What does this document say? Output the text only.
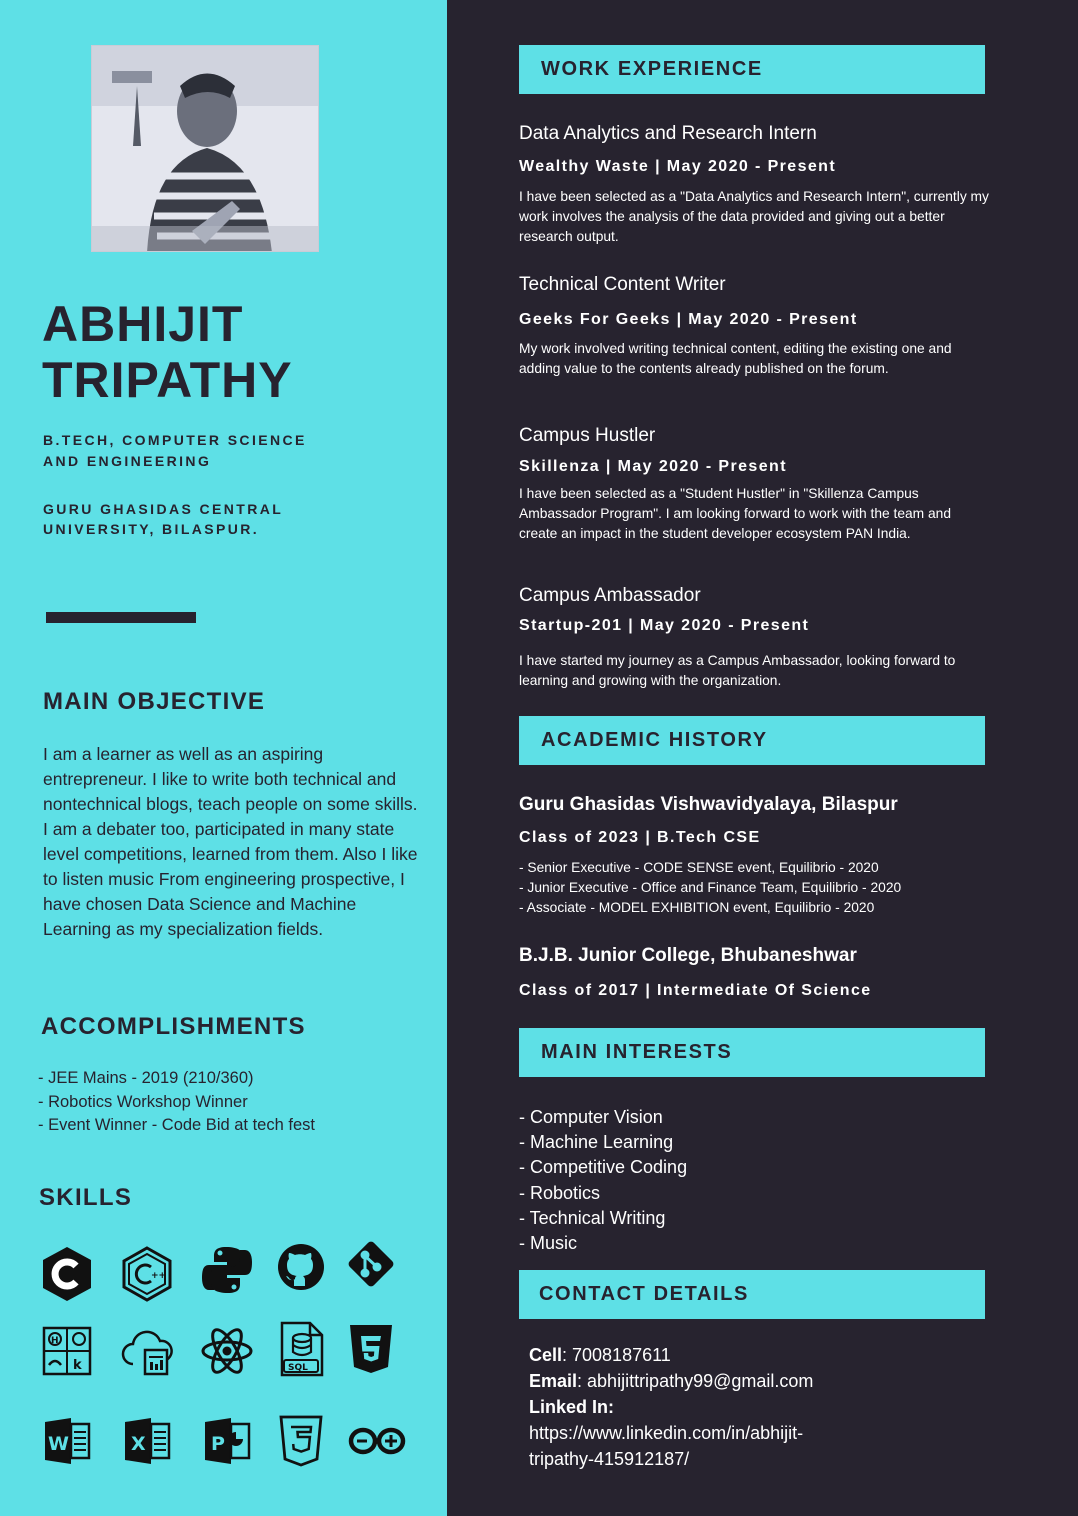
ABHIJIT
TRIPATHY
B.TECH, COMPUTER SCIENCE
AND ENGINEERING
GURU GHASIDAS CENTRAL
UNIVERSITY, BILASPUR.
MAIN OBJECTIVE
I am a learner as well as an aspiring entrepreneur. I like to write both technical and nontechnical blogs, teach people on some skills. I am a debater too, participated in many state level competitions, learned from them. Also I like to listen music From engineering prospective, I have chosen Data Science and Machine Learning as my specialization fields.
ACCOMPLISHMENTS
- JEE Mains - 2019 (210/360)
- Robotics Workshop Winner
- Event Winner - Code Bid at tech fest
SKILLS
++
H
k	SQL
W	X	P
WORK EXPERIENCE
Data Analytics and Research Intern
Wealthy Waste | May 2020 - Present
I have been selected as a "Data Analytics and Research Intern", currently my work involves the analysis of the data provided and giving out a better research output.
Technical Content Writer
Geeks For Geeks | May 2020 - Present
My work involved writing technical content, editing the existing one and adding value to the contents already published on the forum.
Campus Hustler
Skillenza | May 2020 - Present
I have been selected as a "Student Hustler" in "Skillenza Campus Ambassador Program". I am looking forward to work with the team and create an impact in the student developer ecosystem PAN India.
Campus Ambassador
Startup-201 | May 2020 - Present
I have started my journey as a Campus Ambassador, looking forward to learning and growing with the organization.
ACADEMIC HISTORY
Guru Ghasidas Vishwavidyalaya, Bilaspur
Class of 2023 | B.Tech CSE
- Senior Executive - CODE SENSE event, Equilibrio - 2020
- Junior Executive - Office and Finance Team, Equilibrio - 2020
- Associate - MODEL EXHIBITION event, Equilibrio - 2020
B.J.B. Junior College, Bhubaneshwar
Class of 2017 | Intermediate Of Science
MAIN INTERESTS
- Computer Vision
- Machine Learning
- Competitive Coding
- Robotics
- Technical Writing
- Music
CONTACT DETAILS
Cell: 7008187611
Email: abhijittripathy99@gmail.com
Linked In:
https://www.linkedin.com/in/abhijit-
tripathy-415912187/
